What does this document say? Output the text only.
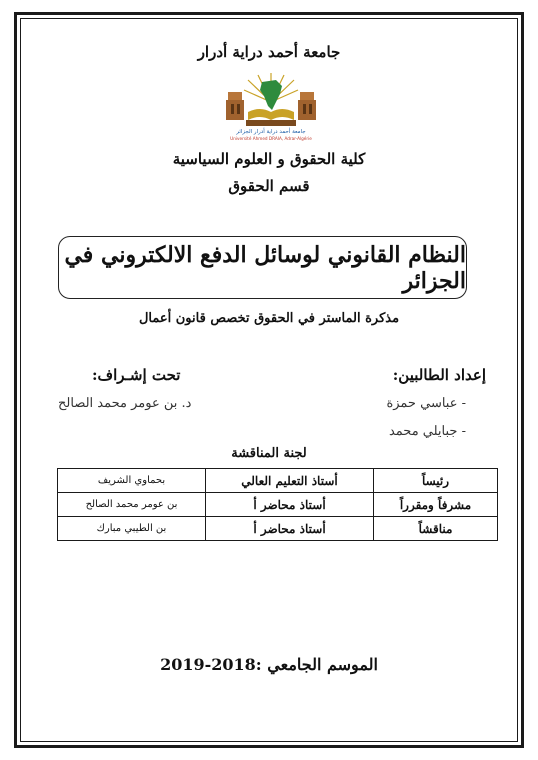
جامعة أحمد دراية أدرار
جامعة أحمد دراية أدرار الجزائر
Université Ahmed DRAIA, Adrar-Algérie
كلية الحقوق و العلوم السياسية
قسم الحقوق
النظام القانوني لوسائل الدفع الالكتروني في الجزائر
مذكرة الماستر في الحقوق تخصص قانون أعمال
إعداد الطالبين:
تحت إشـراف:
- عباسي حمزة
- جبايلي محمد
د. بن عومر محمد الصالح
لجنة المناقشة
بحماوي الشريف	أستاذ التعليم العالي	رئيساً
بن عومر محمد الصالح	أستاذ محاضر أ	مشرفاً ومقرراً
بن الطيبي مبارك	أستاذ محاضر أ	مناقشاً
الموسم الجامعي :2018-2019
